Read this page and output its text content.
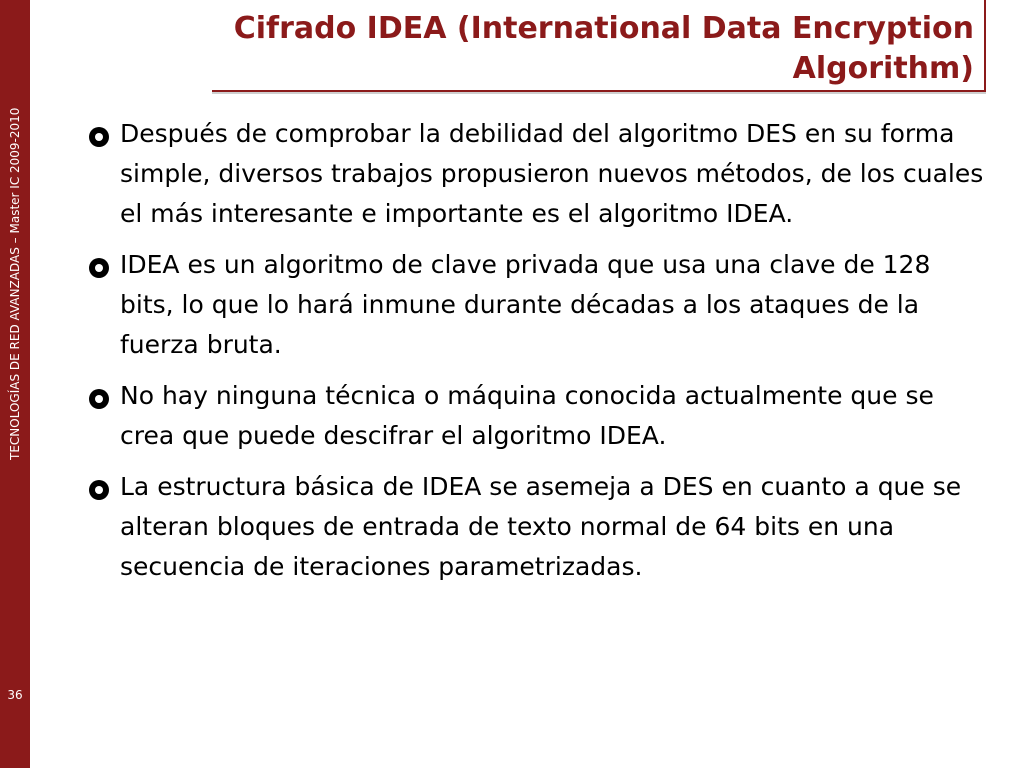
TECNOLOGÍAS DE RED AVANZADAS – Master IC 2009-2010
36
Cifrado IDEA (International Data Encryption Algorithm)
Después de comprobar la debilidad del algoritmo DES en su forma simple, diversos trabajos propusieron nuevos métodos, de los cuales el más interesante e importante es el algoritmo IDEA.
IDEA es un algoritmo de clave privada que usa una clave de 128 bits, lo que lo hará inmune durante décadas a los ataques de la fuerza bruta.
No hay ninguna técnica o máquina conocida actualmente que se crea que puede descifrar el algoritmo IDEA.
La estructura básica de IDEA se asemeja a DES en cuanto a que se alteran bloques de entrada de texto normal de 64 bits en una secuencia de iteraciones parametrizadas.
